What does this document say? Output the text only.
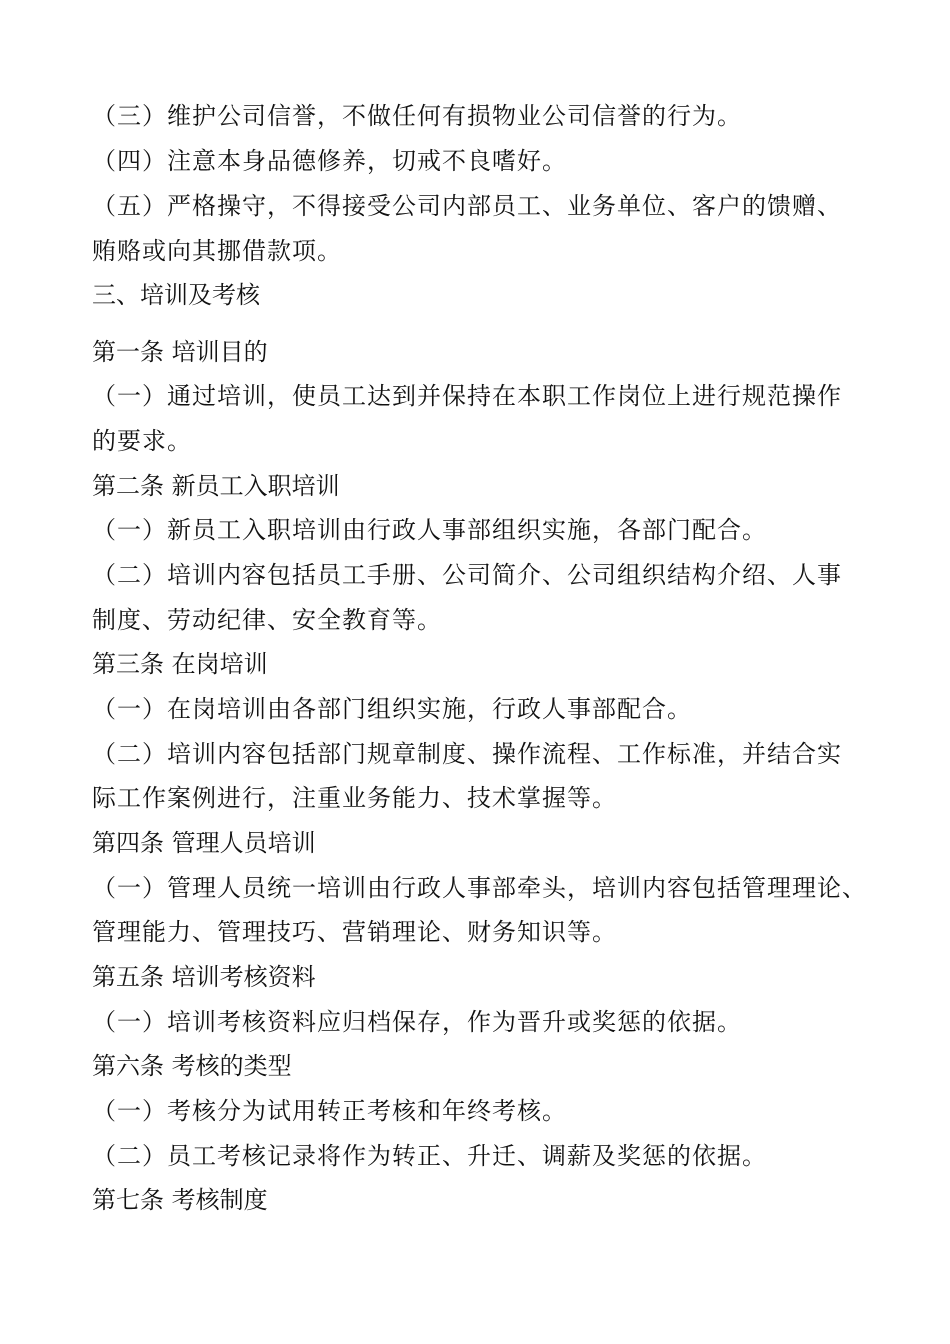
（三）维护公司信誉，不做任何有损物业公司信誉的行为。
（四）注意本身品德修养，切戒不良嗜好。
（五）严格操守，不得接受公司内部员工、业务单位、客户的馈赠、
贿赂或向其挪借款项。
三、培训及考核
第一条 培训目的
（一）通过培训，使员工达到并保持在本职工作岗位上进行规范操作
的要求。
第二条 新员工入职培训
（一）新员工入职培训由行政人事部组织实施，各部门配合。
（二）培训内容包括员工手册、公司简介、公司组织结构介绍、人事
制度、劳动纪律、安全教育等。
第三条 在岗培训
（一）在岗培训由各部门组织实施，行政人事部配合。
（二）培训内容包括部门规章制度、操作流程、工作标准，并结合实
际工作案例进行，注重业务能力、技术掌握等。
第四条 管理人员培训
（一）管理人员统一培训由行政人事部牵头，培训内容包括管理理论、
管理能力、管理技巧、营销理论、财务知识等。
第五条 培训考核资料
（一）培训考核资料应归档保存，作为晋升或奖惩的依据。
第六条 考核的类型
（一）考核分为试用转正考核和年终考核。
（二）员工考核记录将作为转正、升迁、调薪及奖惩的依据。
第七条 考核制度
